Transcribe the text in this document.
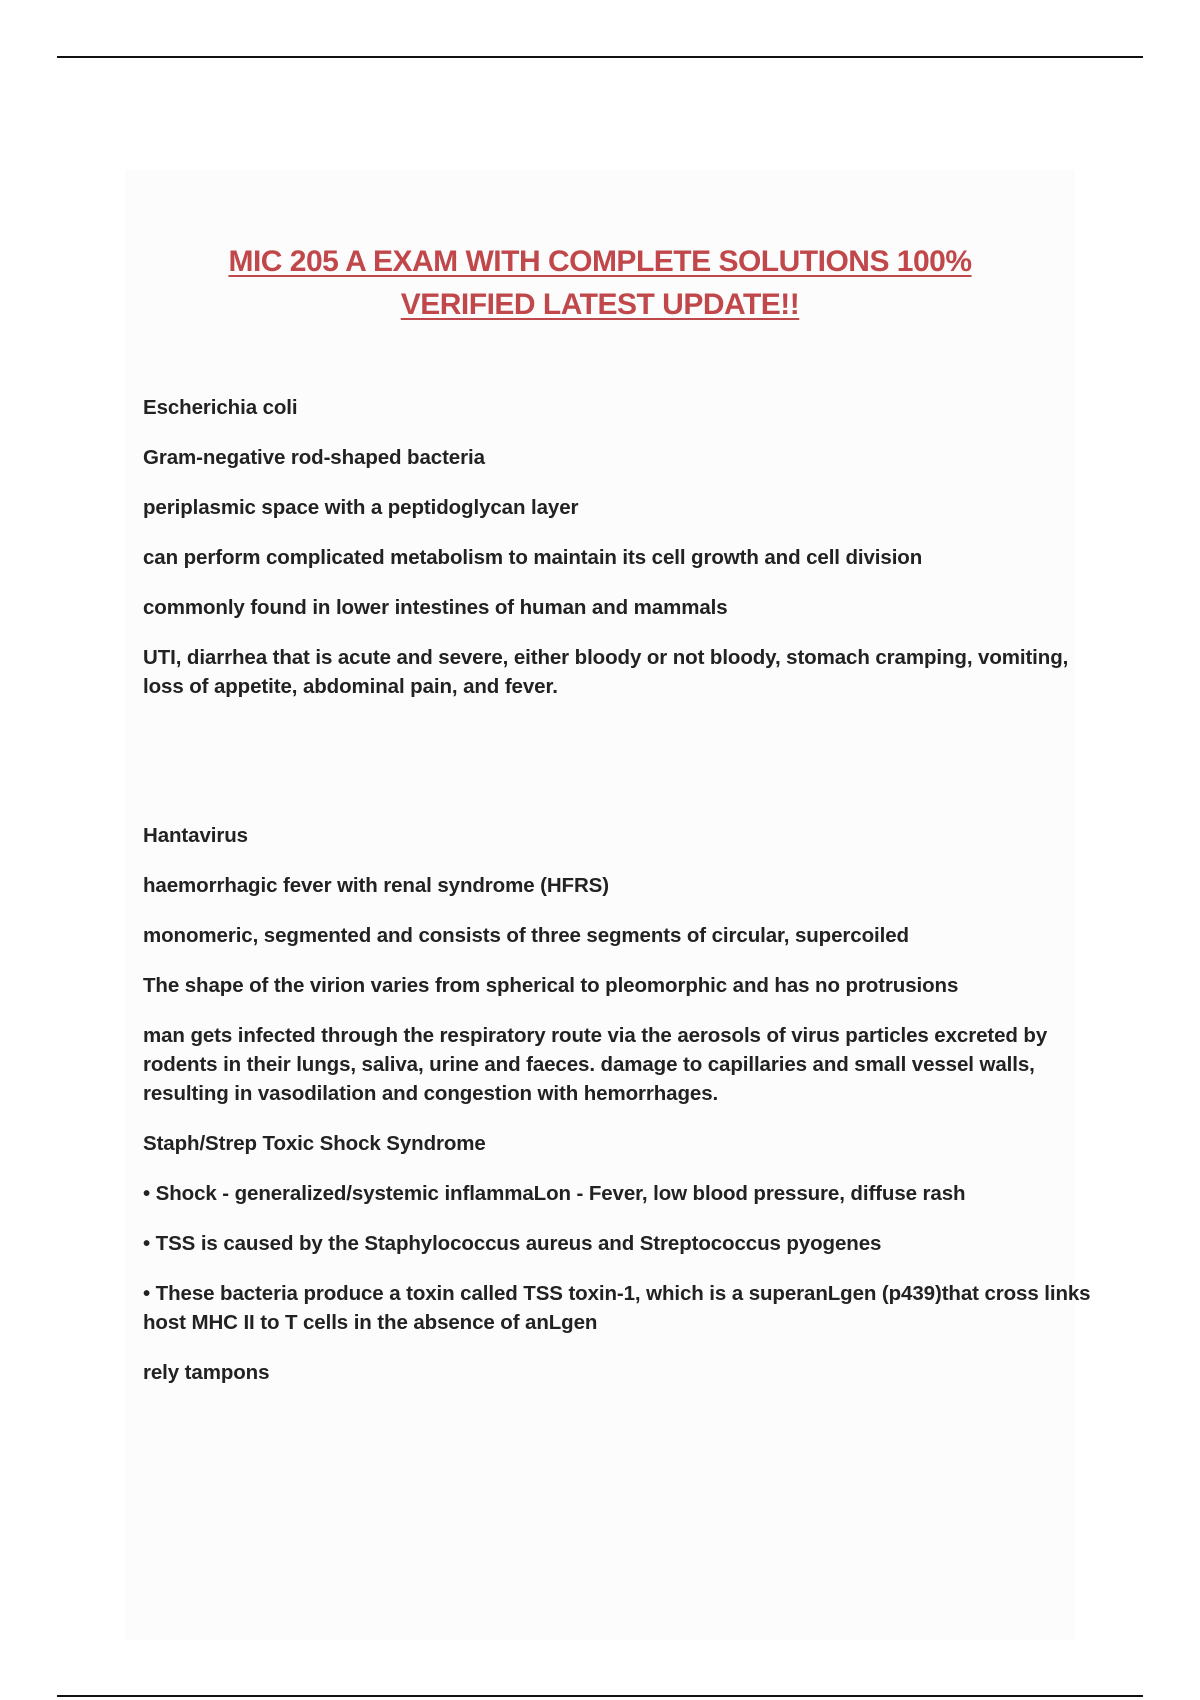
MIC 205 A EXAM WITH COMPLETE SOLUTIONS 100%
VERIFIED LATEST UPDATE!!
Escherichia coli
Gram-negative rod-shaped bacteria
periplasmic space with a peptidoglycan layer
can perform complicated metabolism to maintain its cell growth and cell division
commonly found in lower intestines of human and mammals
UTI, diarrhea that is acute and severe, either bloody or not bloody, stomach cramping, vomiting, loss of appetite, abdominal pain, and fever.
Hantavirus
haemorrhagic fever with renal syndrome (HFRS)
monomeric, segmented and consists of three segments of circular, supercoiled
The shape of the virion varies from spherical to pleomorphic and has no protrusions
man gets infected through the respiratory route via the aerosols of virus particles excreted by rodents in their lungs, saliva, urine and faeces. damage to capillaries and small vessel walls, resulting in vasodilation and congestion with hemorrhages.
Staph/Strep Toxic Shock Syndrome
• Shock - generalized/systemic inflammaLon - Fever, low blood pressure, diffuse rash
• TSS is caused by the Staphylococcus aureus and Streptococcus pyogenes
• These bacteria produce a toxin called TSS toxin-1, which is a superanLgen (p439)that cross links host MHC II to T cells in the absence of anLgen
rely tampons
